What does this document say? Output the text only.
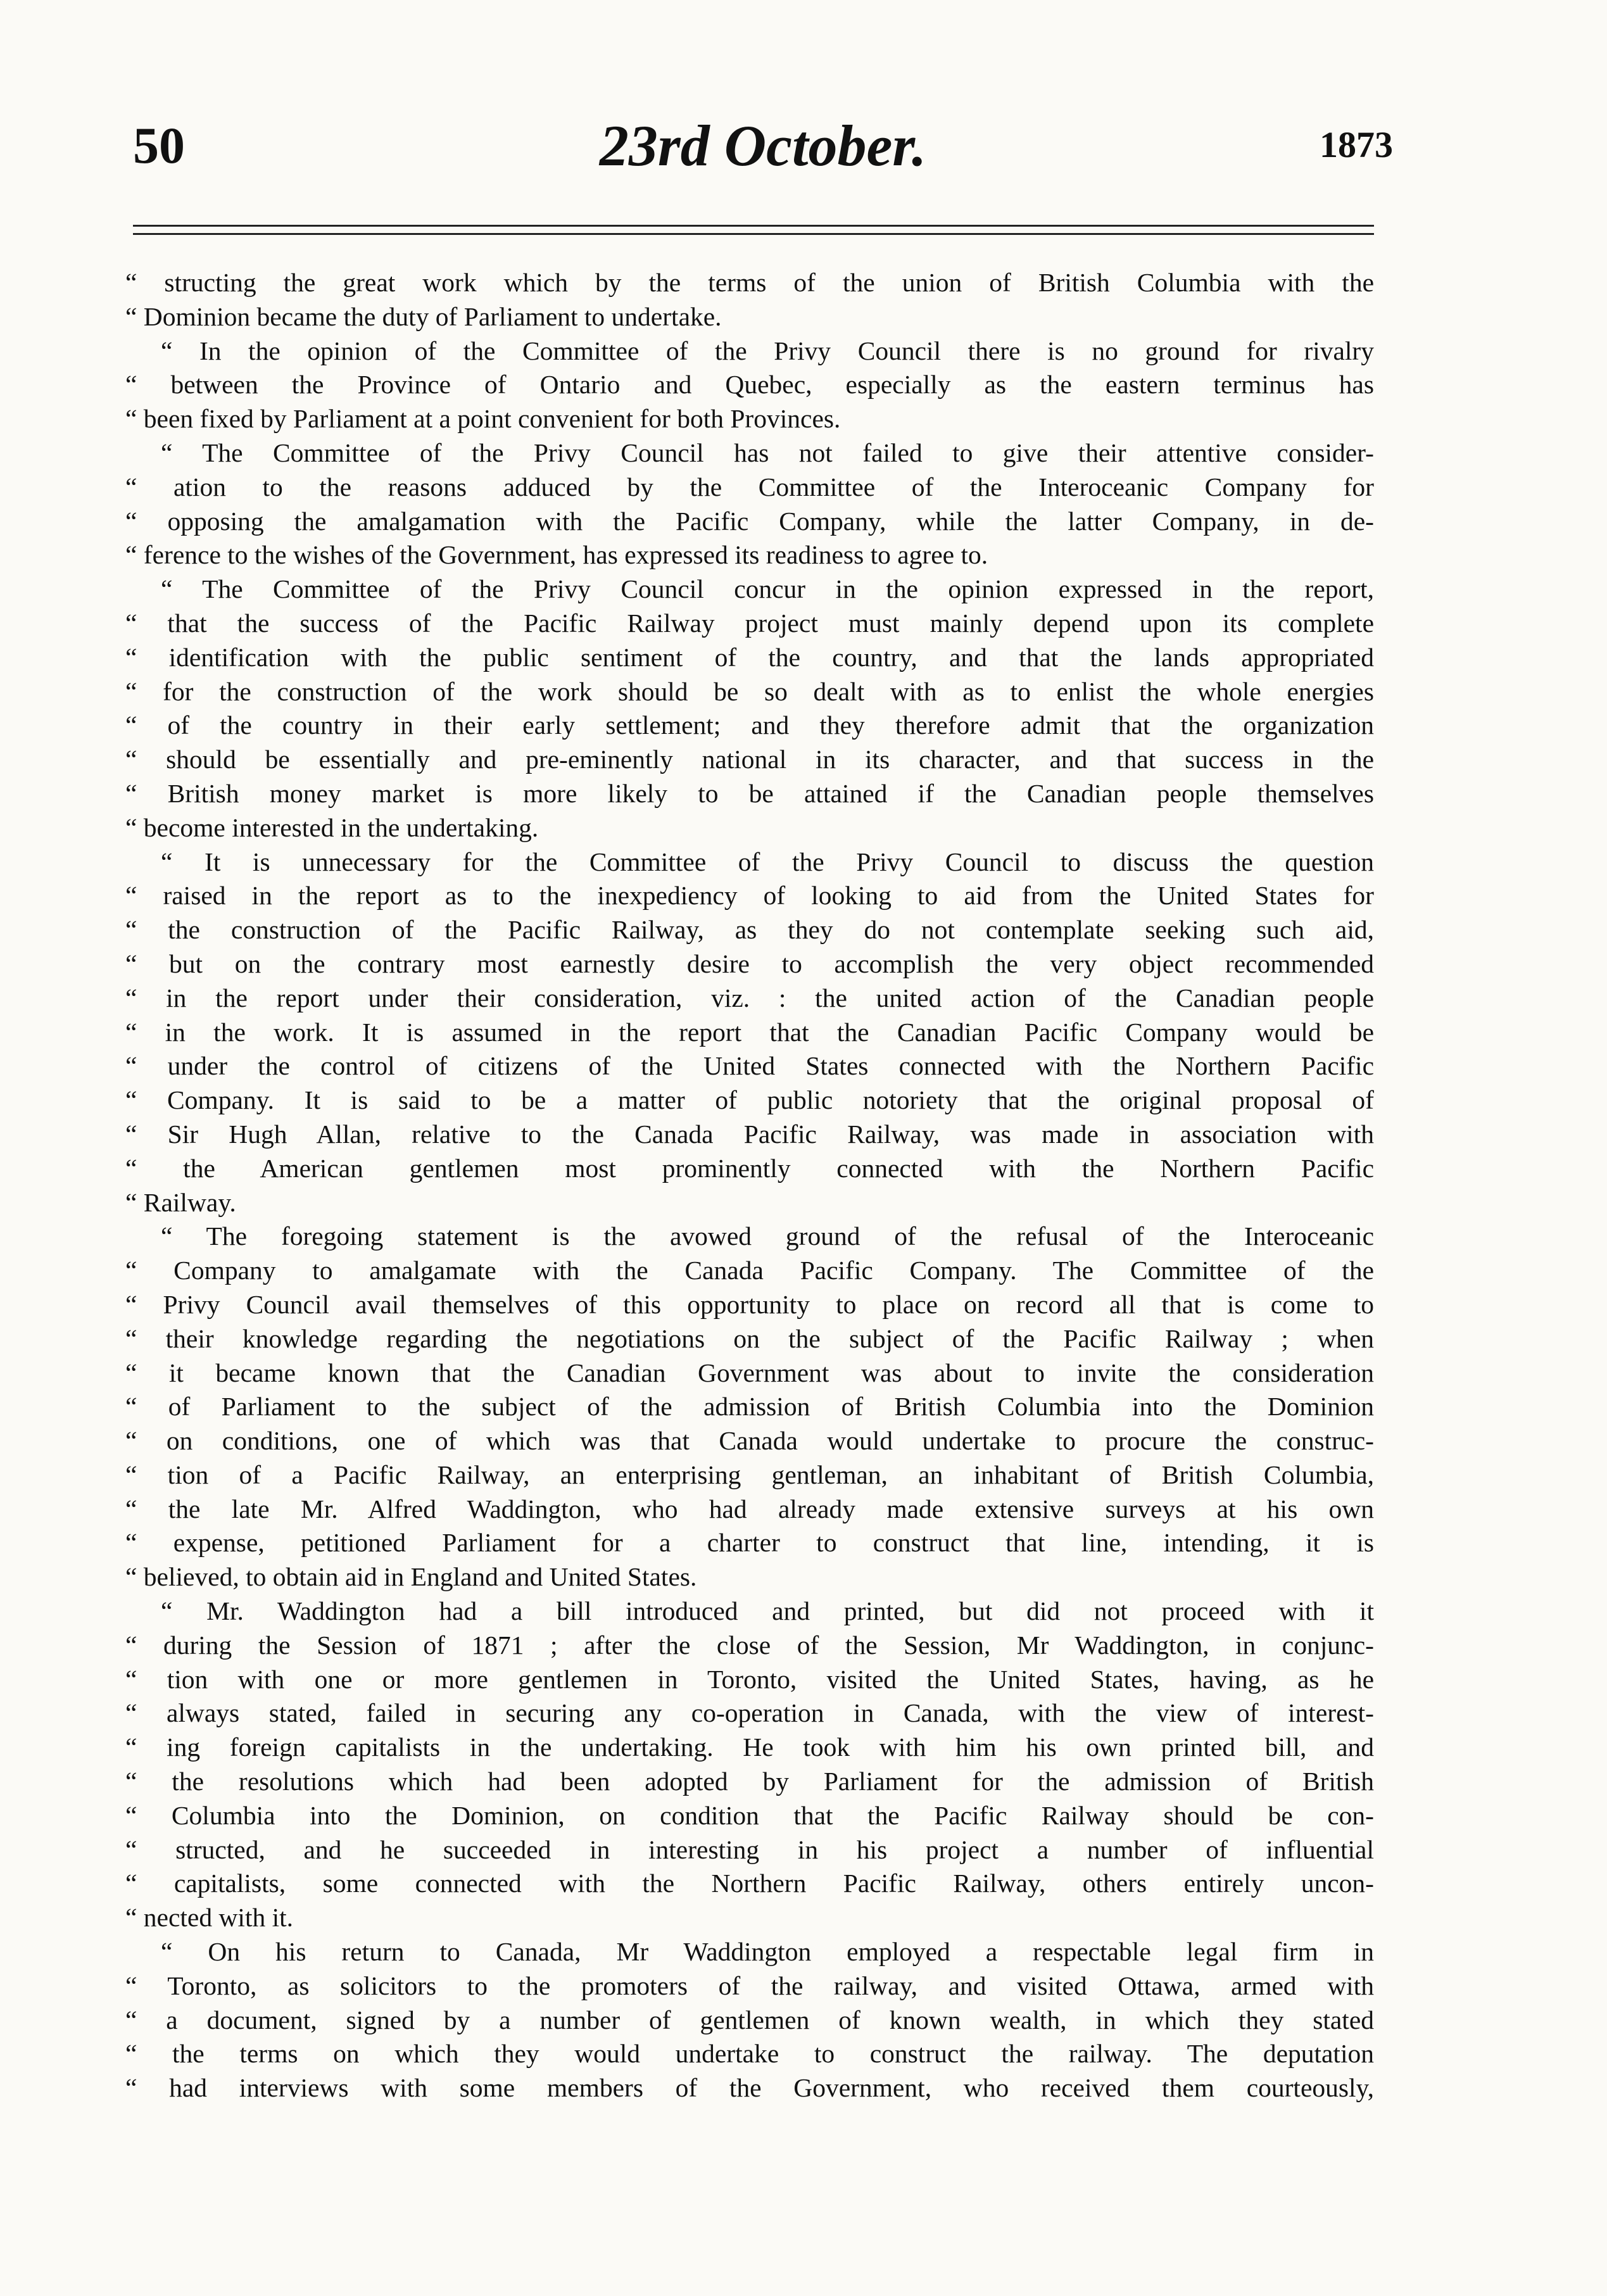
50	23rd October.	1873
“ structing the great work which by the terms of the union of British Columbia with the
“ Dominion became the duty of Parliament to undertake.
“ In the opinion of the Committee of the Privy Council there is no ground for rivalry
“ between the Province of Ontario and Quebec, especially as the eastern terminus has
“ been fixed by Parliament at a point convenient for both Provinces.
“ The Committee of the Privy Council has not failed to give their attentive consider-
“ ation to the reasons adduced by the Committee of the Interoceanic Company for
“ opposing the amalgamation with the Pacific Company, while the latter Company, in de-
“ ference to the wishes of the Government, has expressed its readiness to agree to.
“ The Committee of the Privy Council concur in the opinion expressed in the report,
“ that the success of the Pacific Railway project must mainly depend upon its complete
“ identification with the public sentiment of the country, and that the lands appropriated
“ for the construction of the work should be so dealt with as to enlist the whole energies
“ of the country in their early settlement; and they therefore admit that the organization
“ should be essentially and pre-eminently national in its character, and that success in the
“ British money market is more likely to be attained if the Canadian people themselves
“ become interested in the undertaking.
“ It is unnecessary for the Committee of the Privy Council to discuss the question
“ raised in the report as to the inexpediency of looking to aid from the United States for
“ the construction of the Pacific Railway, as they do not contemplate seeking such aid,
“ but on the contrary most earnestly desire to accomplish the very object recommended
“ in the report under their consideration, viz. : the united action of the Canadian people
“ in the work. It is assumed in the report that the Canadian Pacific Company would be
“ under the control of citizens of the United States connected with the Northern Pacific
“ Company. It is said to be a matter of public notoriety that the original proposal of
“ Sir Hugh Allan, relative to the Canada Pacific Railway, was made in association with
“ the American gentlemen most prominently connected with the Northern Pacific
“ Railway.
“ The foregoing statement is the avowed ground of the refusal of the Interoceanic
“ Company to amalgamate with the Canada Pacific Company. The Committee of the
“ Privy Council avail themselves of this opportunity to place on record all that is come to
“ their knowledge regarding the negotiations on the subject of the Pacific Railway ; when
“ it became known that the Canadian Government was about to invite the consideration
“ of Parliament to the subject of the admission of British Columbia into the Dominion
“ on conditions, one of which was that Canada would undertake to procure the construc-
“ tion of a Pacific Railway, an enterprising gentleman, an inhabitant of British Columbia,
“ the late Mr. Alfred Waddington, who had already made extensive surveys at his own
“ expense, petitioned Parliament for a charter to construct that line, intending, it is
“ believed, to obtain aid in England and United States.
“ Mr. Waddington had a bill introduced and printed, but did not proceed with it
“ during the Session of 1871 ; after the close of the Session, Mr Waddington, in conjunc-
“ tion with one or more gentlemen in Toronto, visited the United States, having, as he
“ always stated, failed in securing any co-operation in Canada, with the view of interest-
“ ing foreign capitalists in the undertaking. He took with him his own printed bill, and
“ the resolutions which had been adopted by Parliament for the admission of British
“ Columbia into the Dominion, on condition that the Pacific Railway should be con-
“ structed, and he succeeded in interesting in his project a number of influential
“ capitalists, some connected with the Northern Pacific Railway, others entirely uncon-
“ nected with it.
“ On his return to Canada, Mr Waddington employed a respectable legal firm in
“ Toronto, as solicitors to the promoters of the railway, and visited Ottawa, armed with
“ a document, signed by a number of gentlemen of known wealth, in which they stated
“ the terms on which they would undertake to construct the railway. The deputation
“ had interviews with some members of the Government, who received them courteously,
